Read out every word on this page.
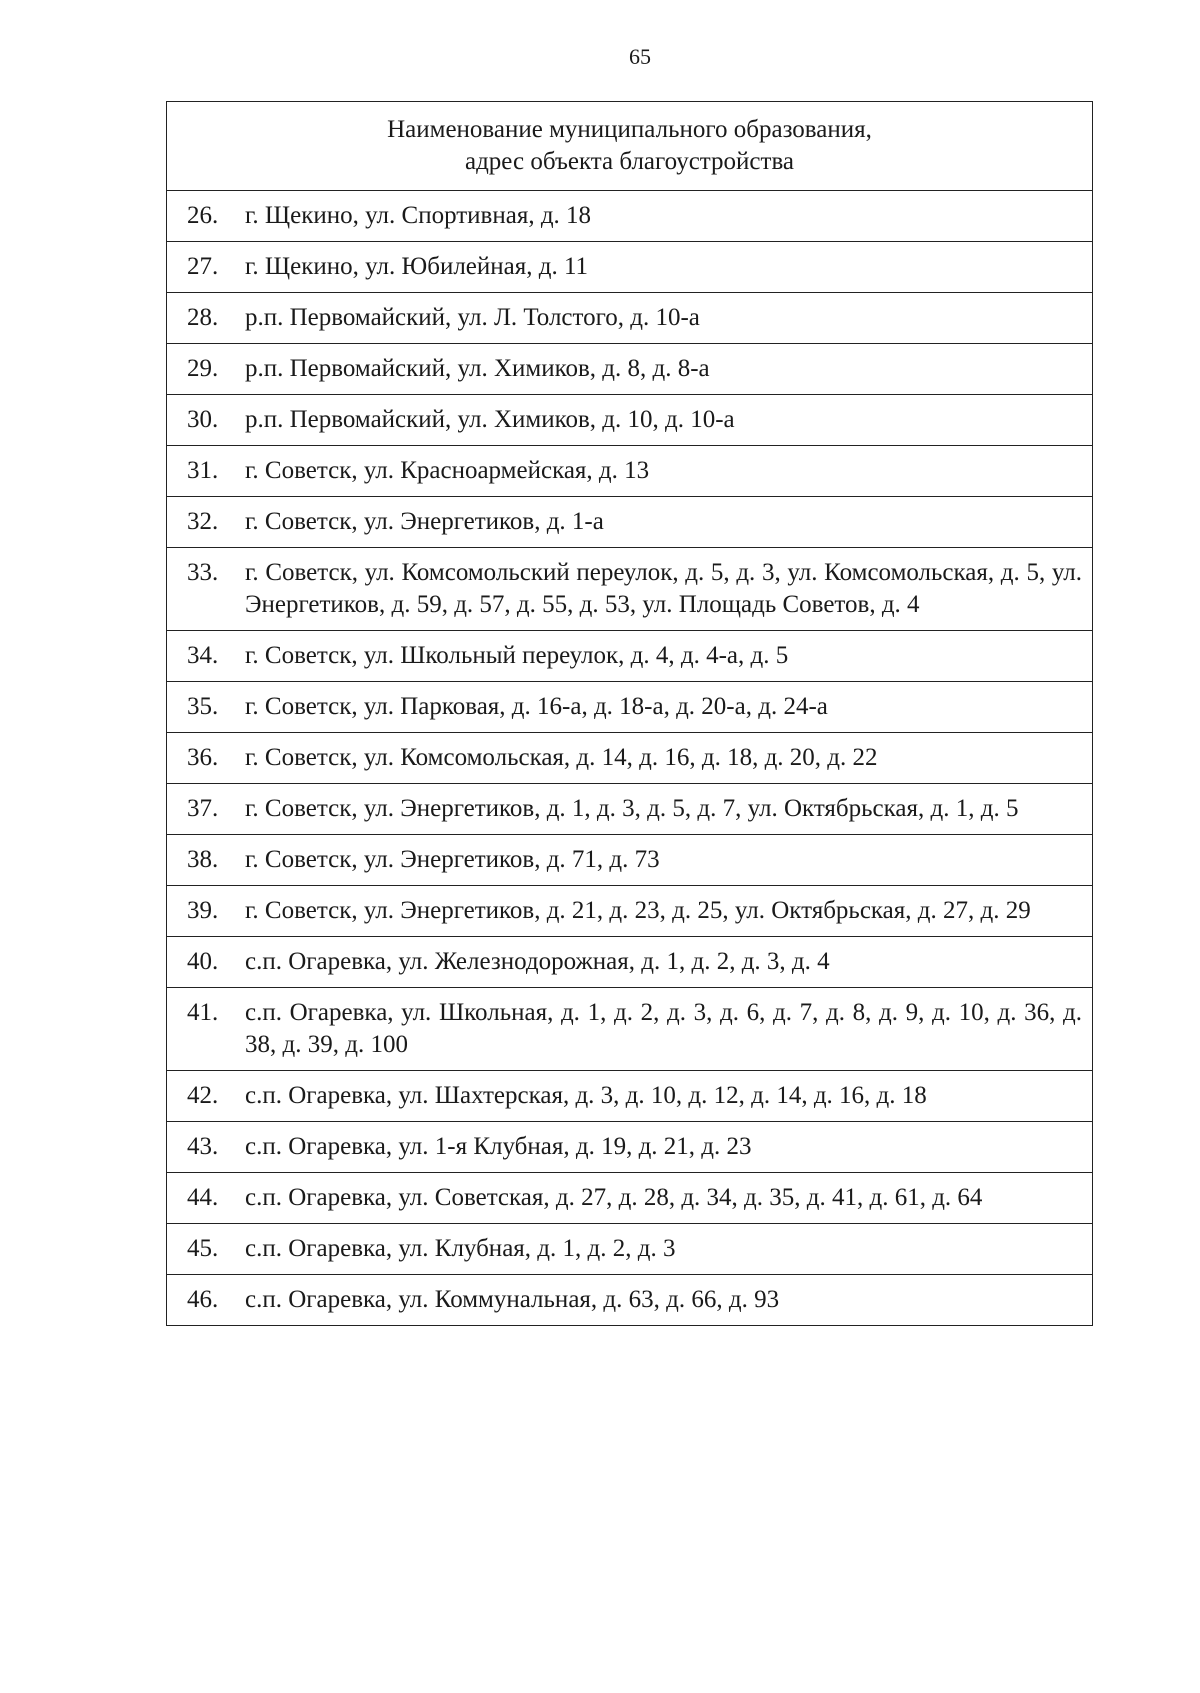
65
Наименование муниципального образования,
адрес объекта благоустройства

26.	г. Щекино, ул. Спортивная, д. 18

27.	г. Щекино, ул. Юбилейная, д. 11

28.	р.п. Первомайский, ул. Л. Толстого, д. 10-а

29.	р.п. Первомайский, ул. Химиков, д. 8, д. 8-а

30.	р.п. Первомайский, ул. Химиков, д. 10, д. 10-а

31.	г. Советск, ул. Красноармейская, д. 13

32.	г. Советск, ул. Энергетиков, д. 1-а

33.	г. Советск, ул. Комсомольский переулок, д. 5, д. 3, ул. Комсомольская, д. 5, ул. Энергетиков, д. 59, д. 57, д. 55, д. 53, ул. Площадь Советов, д. 4

34.	г. Советск, ул. Школьный переулок, д. 4, д. 4-а, д. 5

35.	г. Советск, ул. Парковая, д. 16-а, д. 18-а, д. 20-а, д. 24-а

36.	г. Советск, ул. Комсомольская, д. 14, д. 16, д. 18, д. 20, д. 22

37.	г. Советск, ул. Энергетиков, д. 1, д. 3, д. 5, д. 7, ул. Октябрьская, д. 1, д. 5

38.	г. Советск, ул. Энергетиков, д. 71, д. 73

39.	г. Советск, ул. Энергетиков, д. 21, д. 23, д. 25, ул. Октябрьская, д. 27, д. 29

40.	с.п. Огаревка, ул. Железнодорожная, д. 1, д. 2, д. 3, д. 4

41.	с.п. Огаревка, ул. Школьная, д. 1, д. 2, д. 3, д. 6, д. 7, д. 8, д. 9, д. 10, д. 36, д. 38, д. 39, д. 100

42.	с.п. Огаревка, ул. Шахтерская, д. 3, д. 10, д. 12, д. 14, д. 16, д. 18

43.	с.п. Огаревка, ул. 1-я Клубная, д. 19, д. 21, д. 23

44.	с.п. Огаревка, ул. Советская, д. 27, д. 28, д. 34, д. 35, д. 41, д. 61, д. 64

45.	с.п. Огаревка, ул. Клубная, д. 1, д. 2, д. 3

46.	с.п. Огаревка, ул. Коммунальная, д. 63, д. 66, д. 93
